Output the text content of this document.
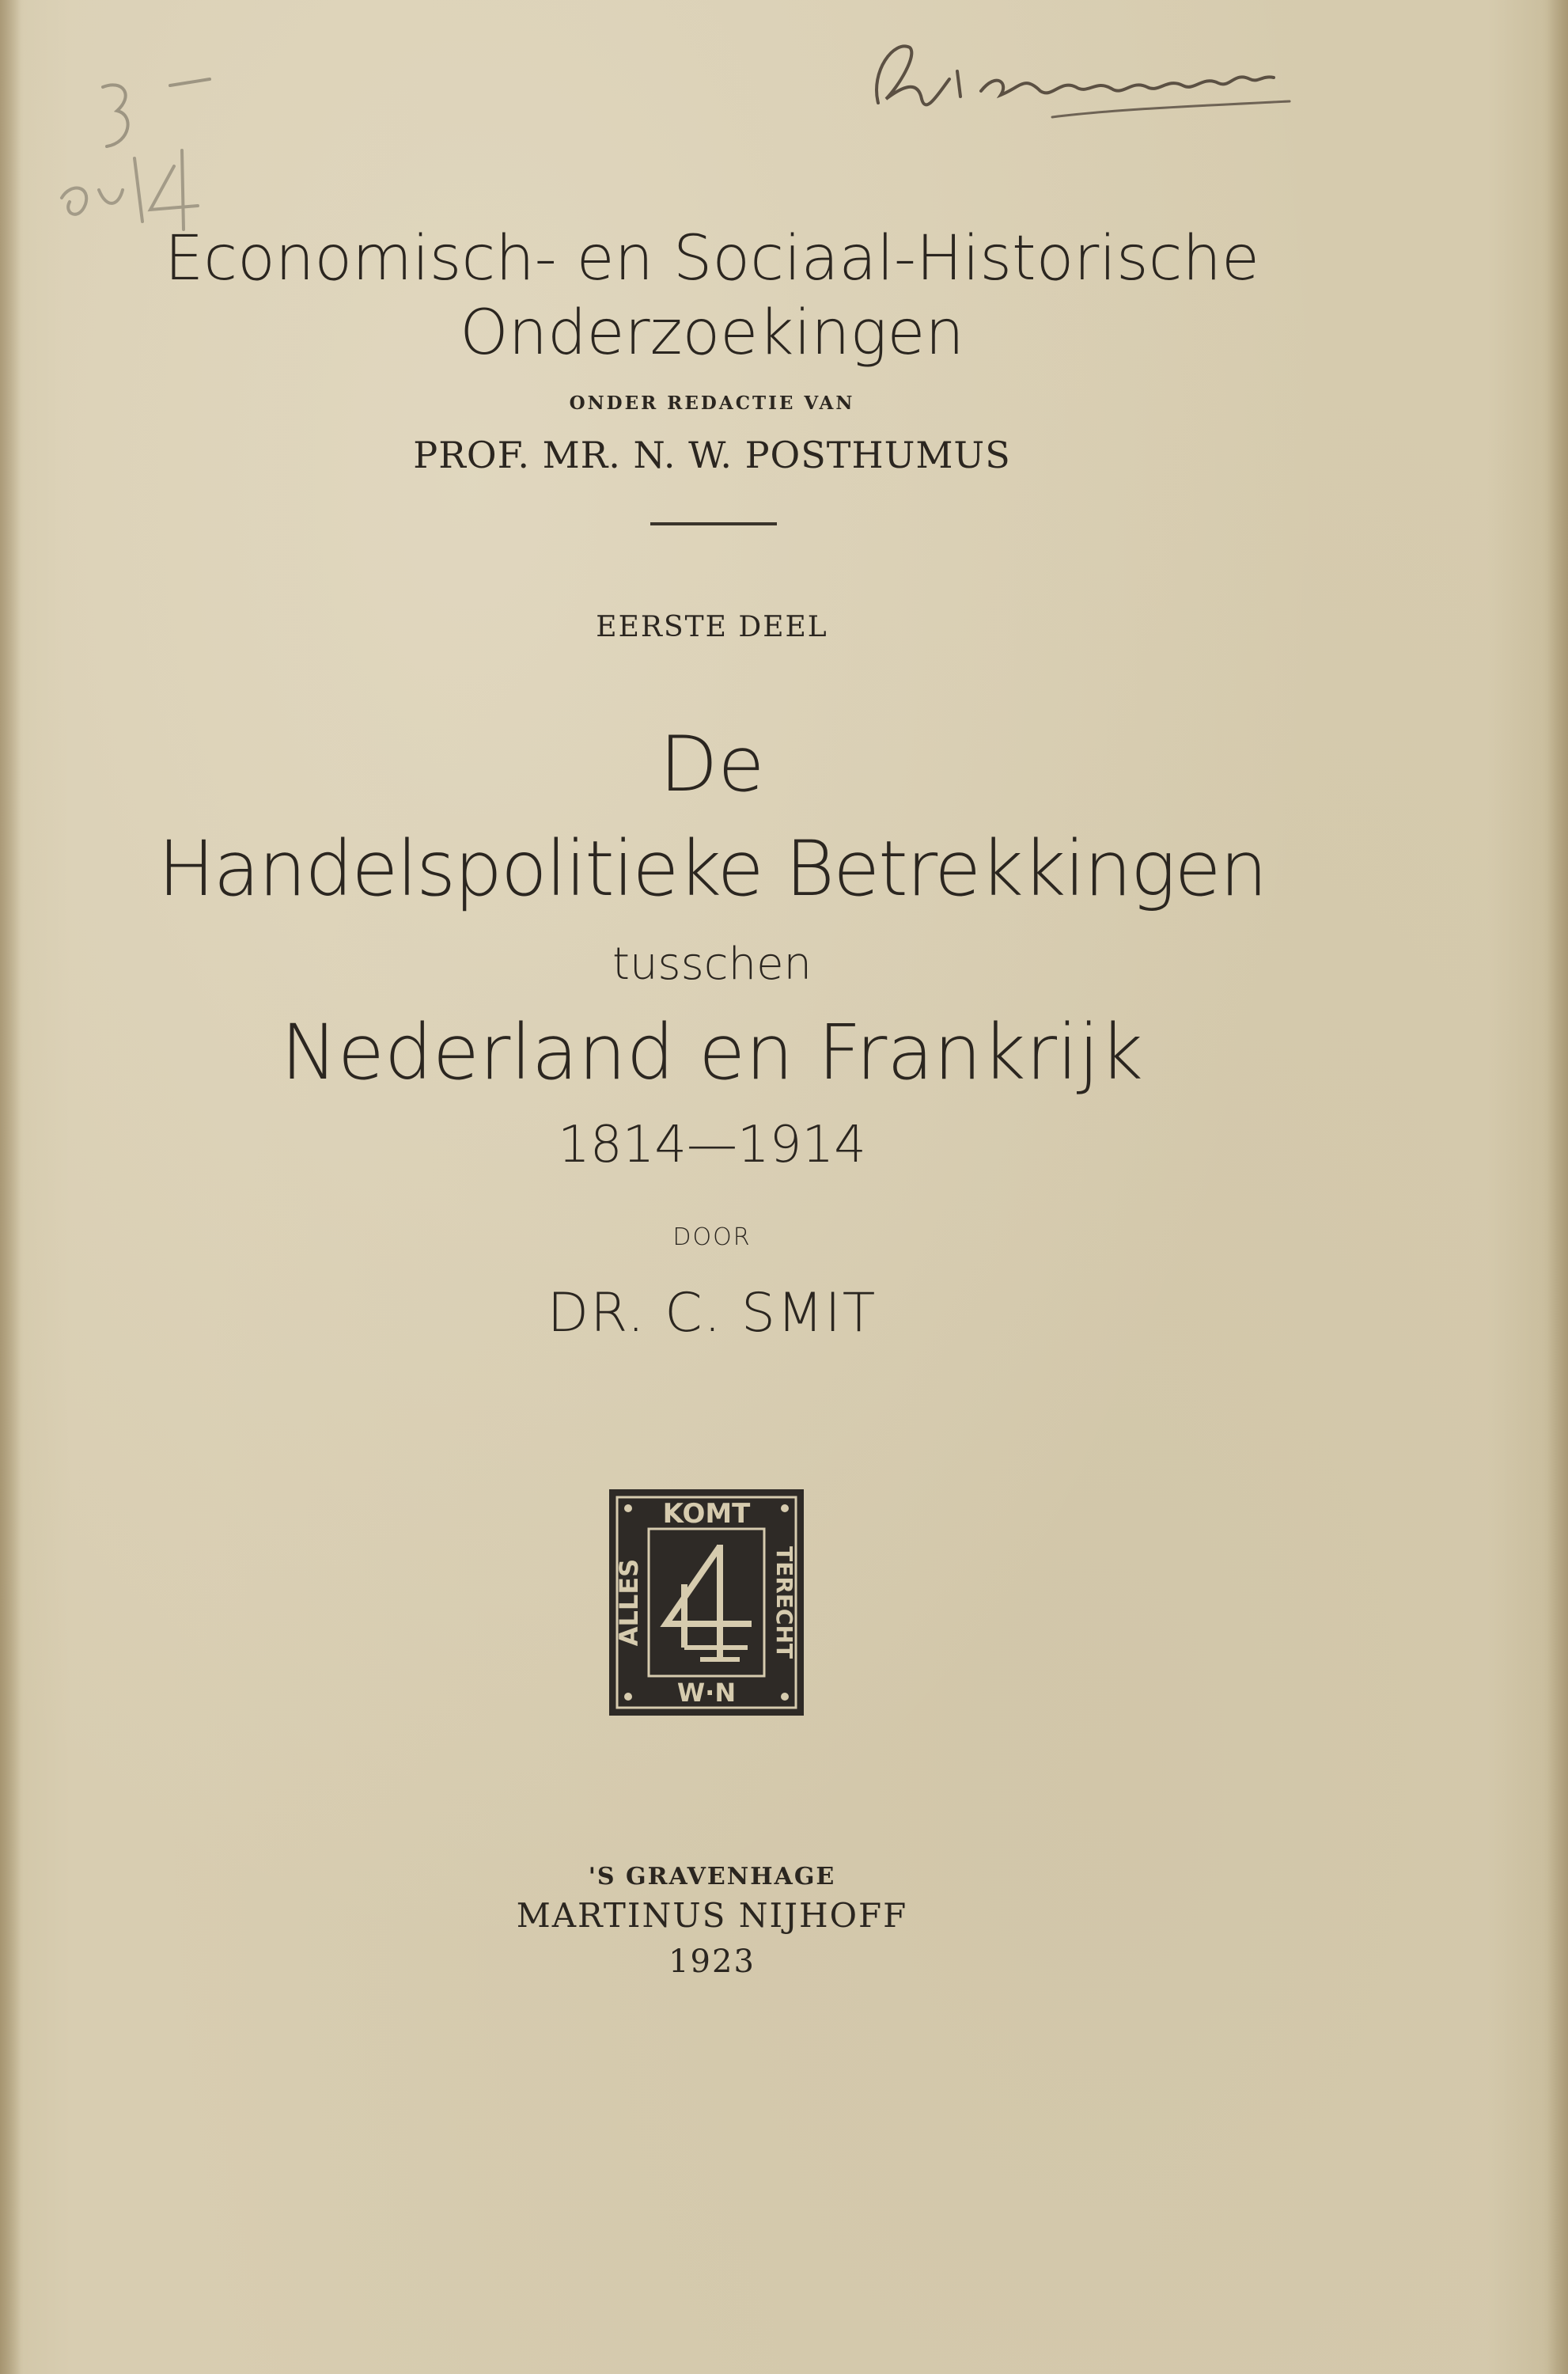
Economisch- en Sociaal-Historische
Onderzoekingen
ONDER REDACTIE VAN
PROF. MR. N. W. POSTHUMUS
EERSTE DEEL
De
Handelspolitieke Betrekkingen
tusschen
Nederland en Frankrijk
1814—1914
DOOR
DR. C. SMIT
KOMT
W·N
ALLES	TERECHT
'S GRAVENHAGE
MARTINUS NIJHOFF
1923
